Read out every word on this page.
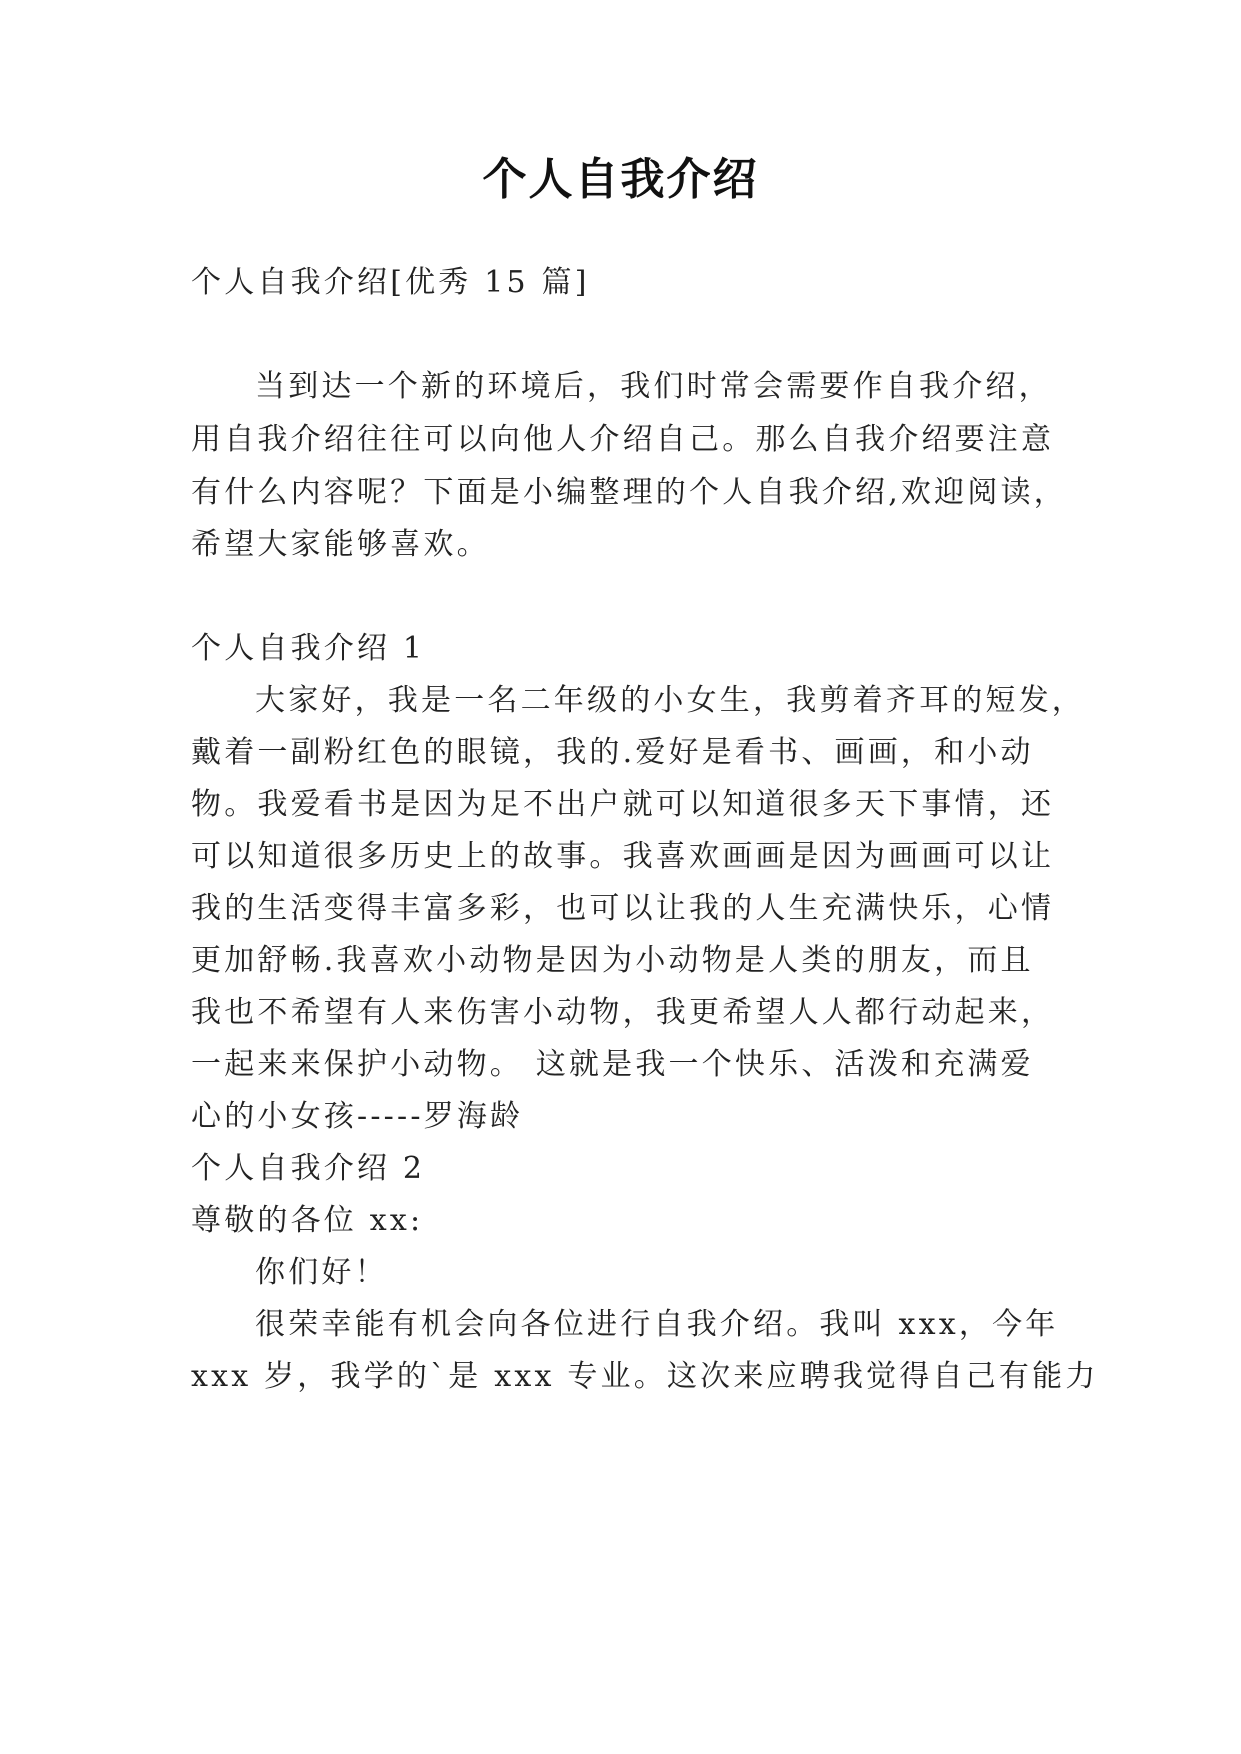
个人自我介绍

个人自我介绍[优秀 15 篇]

当到达一个新的环境后，我们时常会需要作自我介绍，

用自我介绍往往可以向他人介绍自己。那么自我介绍要注意

有什么内容呢？下面是小编整理的个人自我介绍,欢迎阅读，

希望大家能够喜欢。

个人自我介绍 1

大家好，我是一名二年级的小女生，我剪着齐耳的短发，

戴着一副粉红色的眼镜，我的.爱好是看书、画画，和小动

物。我爱看书是因为足不出户就可以知道很多天下事情，还

可以知道很多历史上的故事。我喜欢画画是因为画画可以让

我的生活变得丰富多彩，也可以让我的人生充满快乐，心情

更加舒畅.我喜欢小动物是因为小动物是人类的朋友，而且

我也不希望有人来伤害小动物，我更希望人人都行动起来，

一起来来保护小动物。 这就是我一个快乐、活泼和充满爱

心的小女孩-----罗海龄

个人自我介绍 2

尊敬的各位 xx:

你们好！

很荣幸能有机会向各位进行自我介绍。我叫 xxx，今年

xxx 岁，我学的`是 xxx 专业。这次来应聘我觉得自己有能力
